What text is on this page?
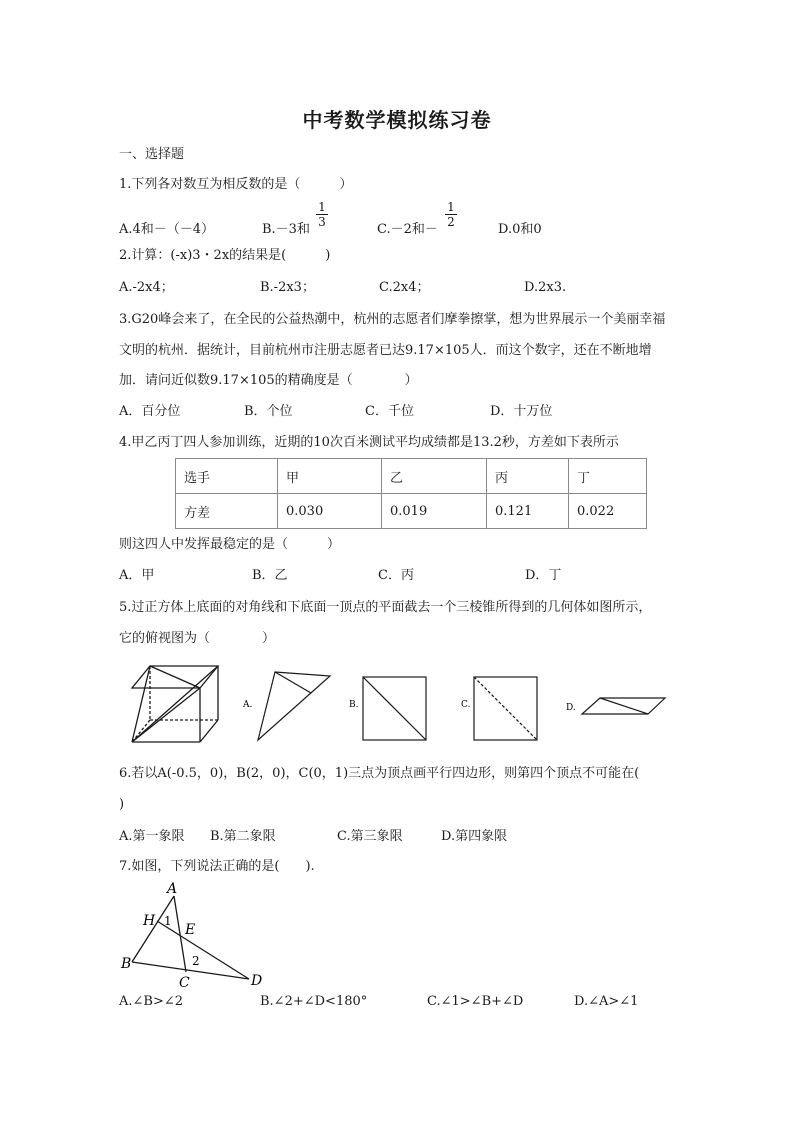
中考数学模拟练习卷
一、选择题
1.下列各对数互为相反数的是（　　　）
A.4和－（－4）	B.－3和
1
3	C.－2和－
1
2	D.0和0
2.计算：(-x)3・2x的结果是(　　　)
A.-2x4；	B.-2x3；	C.2x4；	D.2x3.
3.G20峰会来了，在全民的公益热潮中，杭州的志愿者们摩拳擦掌，想为世界展示一个美丽幸福
文明的杭州．据统计，目前杭州市注册志愿者已达9.17×105人．而这个数字，还在不断地增
加．请问近似数9.17×105的精确度是（　　　　）
A．百分位	B．个位	C．千位	D．十万位
4.甲乙丙丁四人参加训练，近期的10次百米测试平均成绩都是13.2秒，方差如下表所示
选手	甲	乙	丙	丁
方差	0.030	0.019	0.121	0.022
则这四人中发挥最稳定的是（　　　）
A．甲	B．乙	C．丙	D．丁
5.过正方体上底面的对角线和下底面一顶点的平面截去一个三棱锥所得到的几何体如图所示，
它的俯视图为（　　　　）
A.	B.	C.	D.
6.若以A(-0.5，0)，B(2，0)，C(0，1)三点为顶点画平行四边形，则第四个顶点不可能在(
)
A.第一象限 B.第二象限	C.第三象限	D.第四象限
7.如图，下列说法正确的是(　　).
A
H 1
E
B	2
C	D
A.∠B>∠2	B.∠2+∠D<180°	C.∠1>∠B+∠D	D.∠A>∠1
